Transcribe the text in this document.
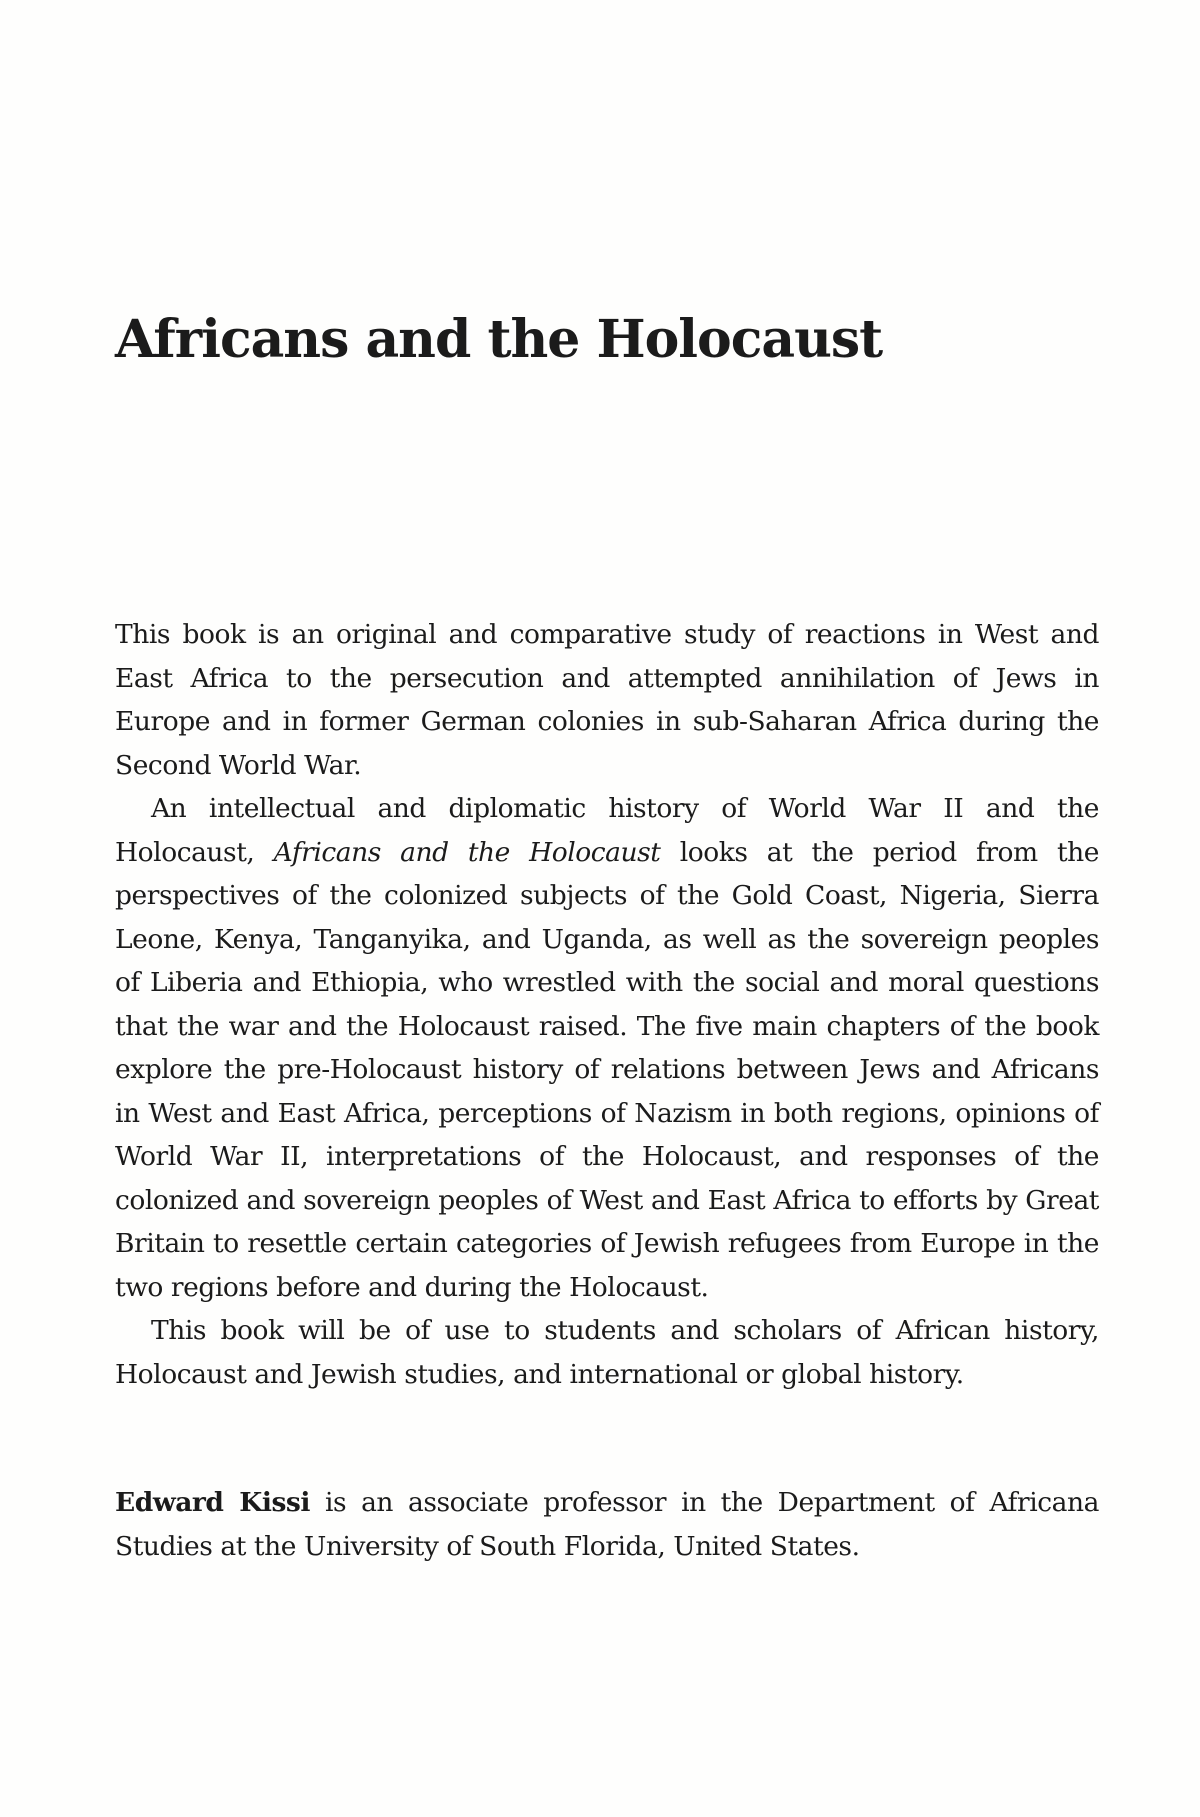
Africans and the Holocaust

This book is an original and comparative study of reactions in West and East Africa to the persecution and attempted annihilation of Jews in Europe and in former German colonies in sub-Saharan Africa during the Second World War.

An intellectual and diplomatic history of World War II and the Holocaust, Africans and the Holocaust looks at the period from the perspectives of the colonized subjects of the Gold Coast, Nigeria, Sierra Leone, Kenya, Tanganyika, and Uganda, as well as the sovereign peoples of Liberia and Ethiopia, who wrestled with the social and moral questions that the war and the Holocaust raised. The five main chapters of the book explore the pre-Holocaust history of relations between Jews and Africans in West and East Africa, perceptions of Nazism in both regions, opinions of World War II, interpretations of the Holocaust, and responses of the colonized and sovereign peoples of West and East Africa to efforts by Great Britain to resettle certain categories of Jewish refugees from Europe in the two regions before and during the Holocaust.

This book will be of use to students and scholars of African history, Holocaust and Jewish studies, and international or global history.

Edward Kissi is an associate professor in the Department of Africana Studies at the University of South Florida, United States.
